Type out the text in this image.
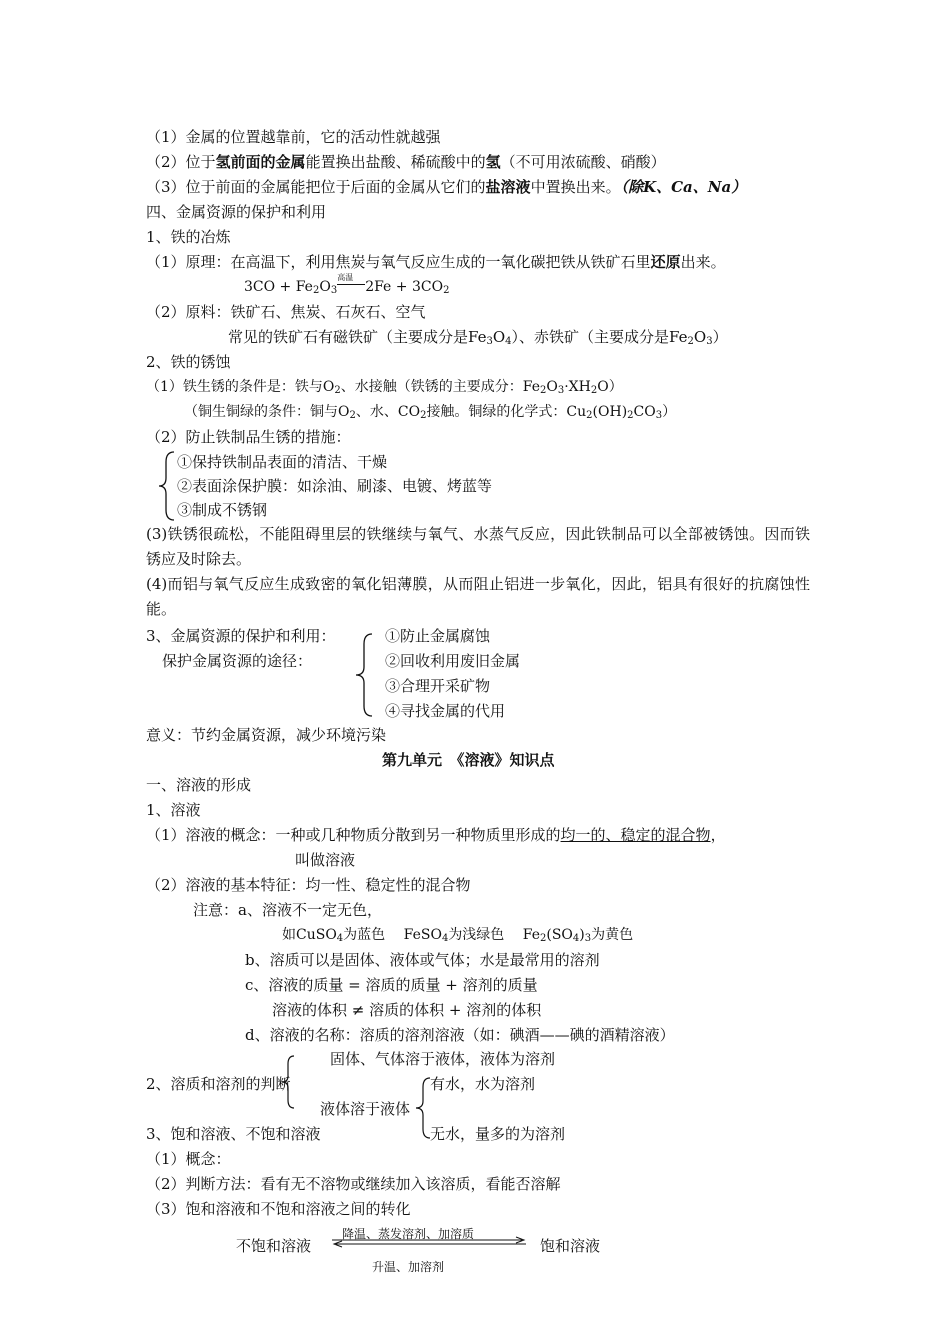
（1）金属的位置越靠前，它的活动性就越强
（2）位于氢前面的金属能置换出盐酸、稀硫酸中的氢（不可用浓硫酸、硝酸）
（3）位于前面的金属能把位于后面的金属从它们的盐溶液中置换出来。（除K、Ca、Na）
四、金属资源的保护和利用
1、铁的冶炼
（1）原理：在高温下，利用焦炭与氧气反应生成的一氧化碳把铁从铁矿石里还原出来。
$3CO + Fe_2O_3$
高温
$2Fe + 3CO_2$
（2）原料：铁矿石、焦炭、石灰石、空气
常见的铁矿石有磁铁矿（主要成分是$Fe_3O_4$）、赤铁矿（主要成分是$Fe_2O_3$）
2、铁的锈蚀
（1）铁生锈的条件是：铁与$O_2$、水接触（铁锈的主要成分：$Fe_2O_3\cdot XH_2O$）
（铜生铜绿的条件：铜与$O_2$、水、$CO_2$接触。铜绿的化学式：$Cu_2(OH)_2CO_3$）
（2）防止铁制品生锈的措施：
①保持铁制品表面的清洁、干燥
②表面涂保护膜：如涂油、刷漆、电镀、烤蓝等
③制成不锈钢
(3)铁锈很疏松，不能阻碍里层的铁继续与氧气、水蒸气反应，因此铁制品可以全部被锈蚀。因而铁锈应及时除去。
(4)而铝与氧气反应生成致密的氧化铝薄膜，从而阻止铝进一步氧化，因此，铝具有很好的抗腐蚀性能。
3、金属资源的保护和利用：
保护金属资源的途径：
①防止金属腐蚀
②回收利用废旧金属
③合理开采矿物
④寻找金属的代用
意义：节约金属资源，减少环境污染
第九单元　《溶液》知识点
一、溶液的形成
1、溶液
（1）溶液的概念：一种或几种物质分散到另一种物质里形成的均一的、稳定的混合物，
叫做溶液
（2）溶液的基本特征：均一性、稳定性的混合物
注意：a、溶液不一定无色，
如CuSO$_4$为蓝色　 FeSO$_4$为浅绿色　 $Fe_2(SO_4)_3$为黄色
b、溶质可以是固体、液体或气体；水是最常用的溶剂
c、溶液的质量 = 溶质的质量 + 溶剂的质量
溶液的体积 ≠ 溶质的体积 + 溶剂的体积
d、溶液的名称：溶质的溶剂溶液（如：碘酒——碘的酒精溶液）
固体、气体溶于液体，液体为溶剂
2、溶质和溶剂的判断
液体溶于液体
有水，水为溶剂
无水，量多的为溶剂
3、饱和溶液、不饱和溶液
（1）概念：
（2）判断方法：看有无不溶物或继续加入该溶质，看能否溶解
（3）饱和溶液和不饱和溶液之间的转化
不饱和溶液
降温、蒸发溶剂、加溶质
饱和溶液
升温、加溶剂
